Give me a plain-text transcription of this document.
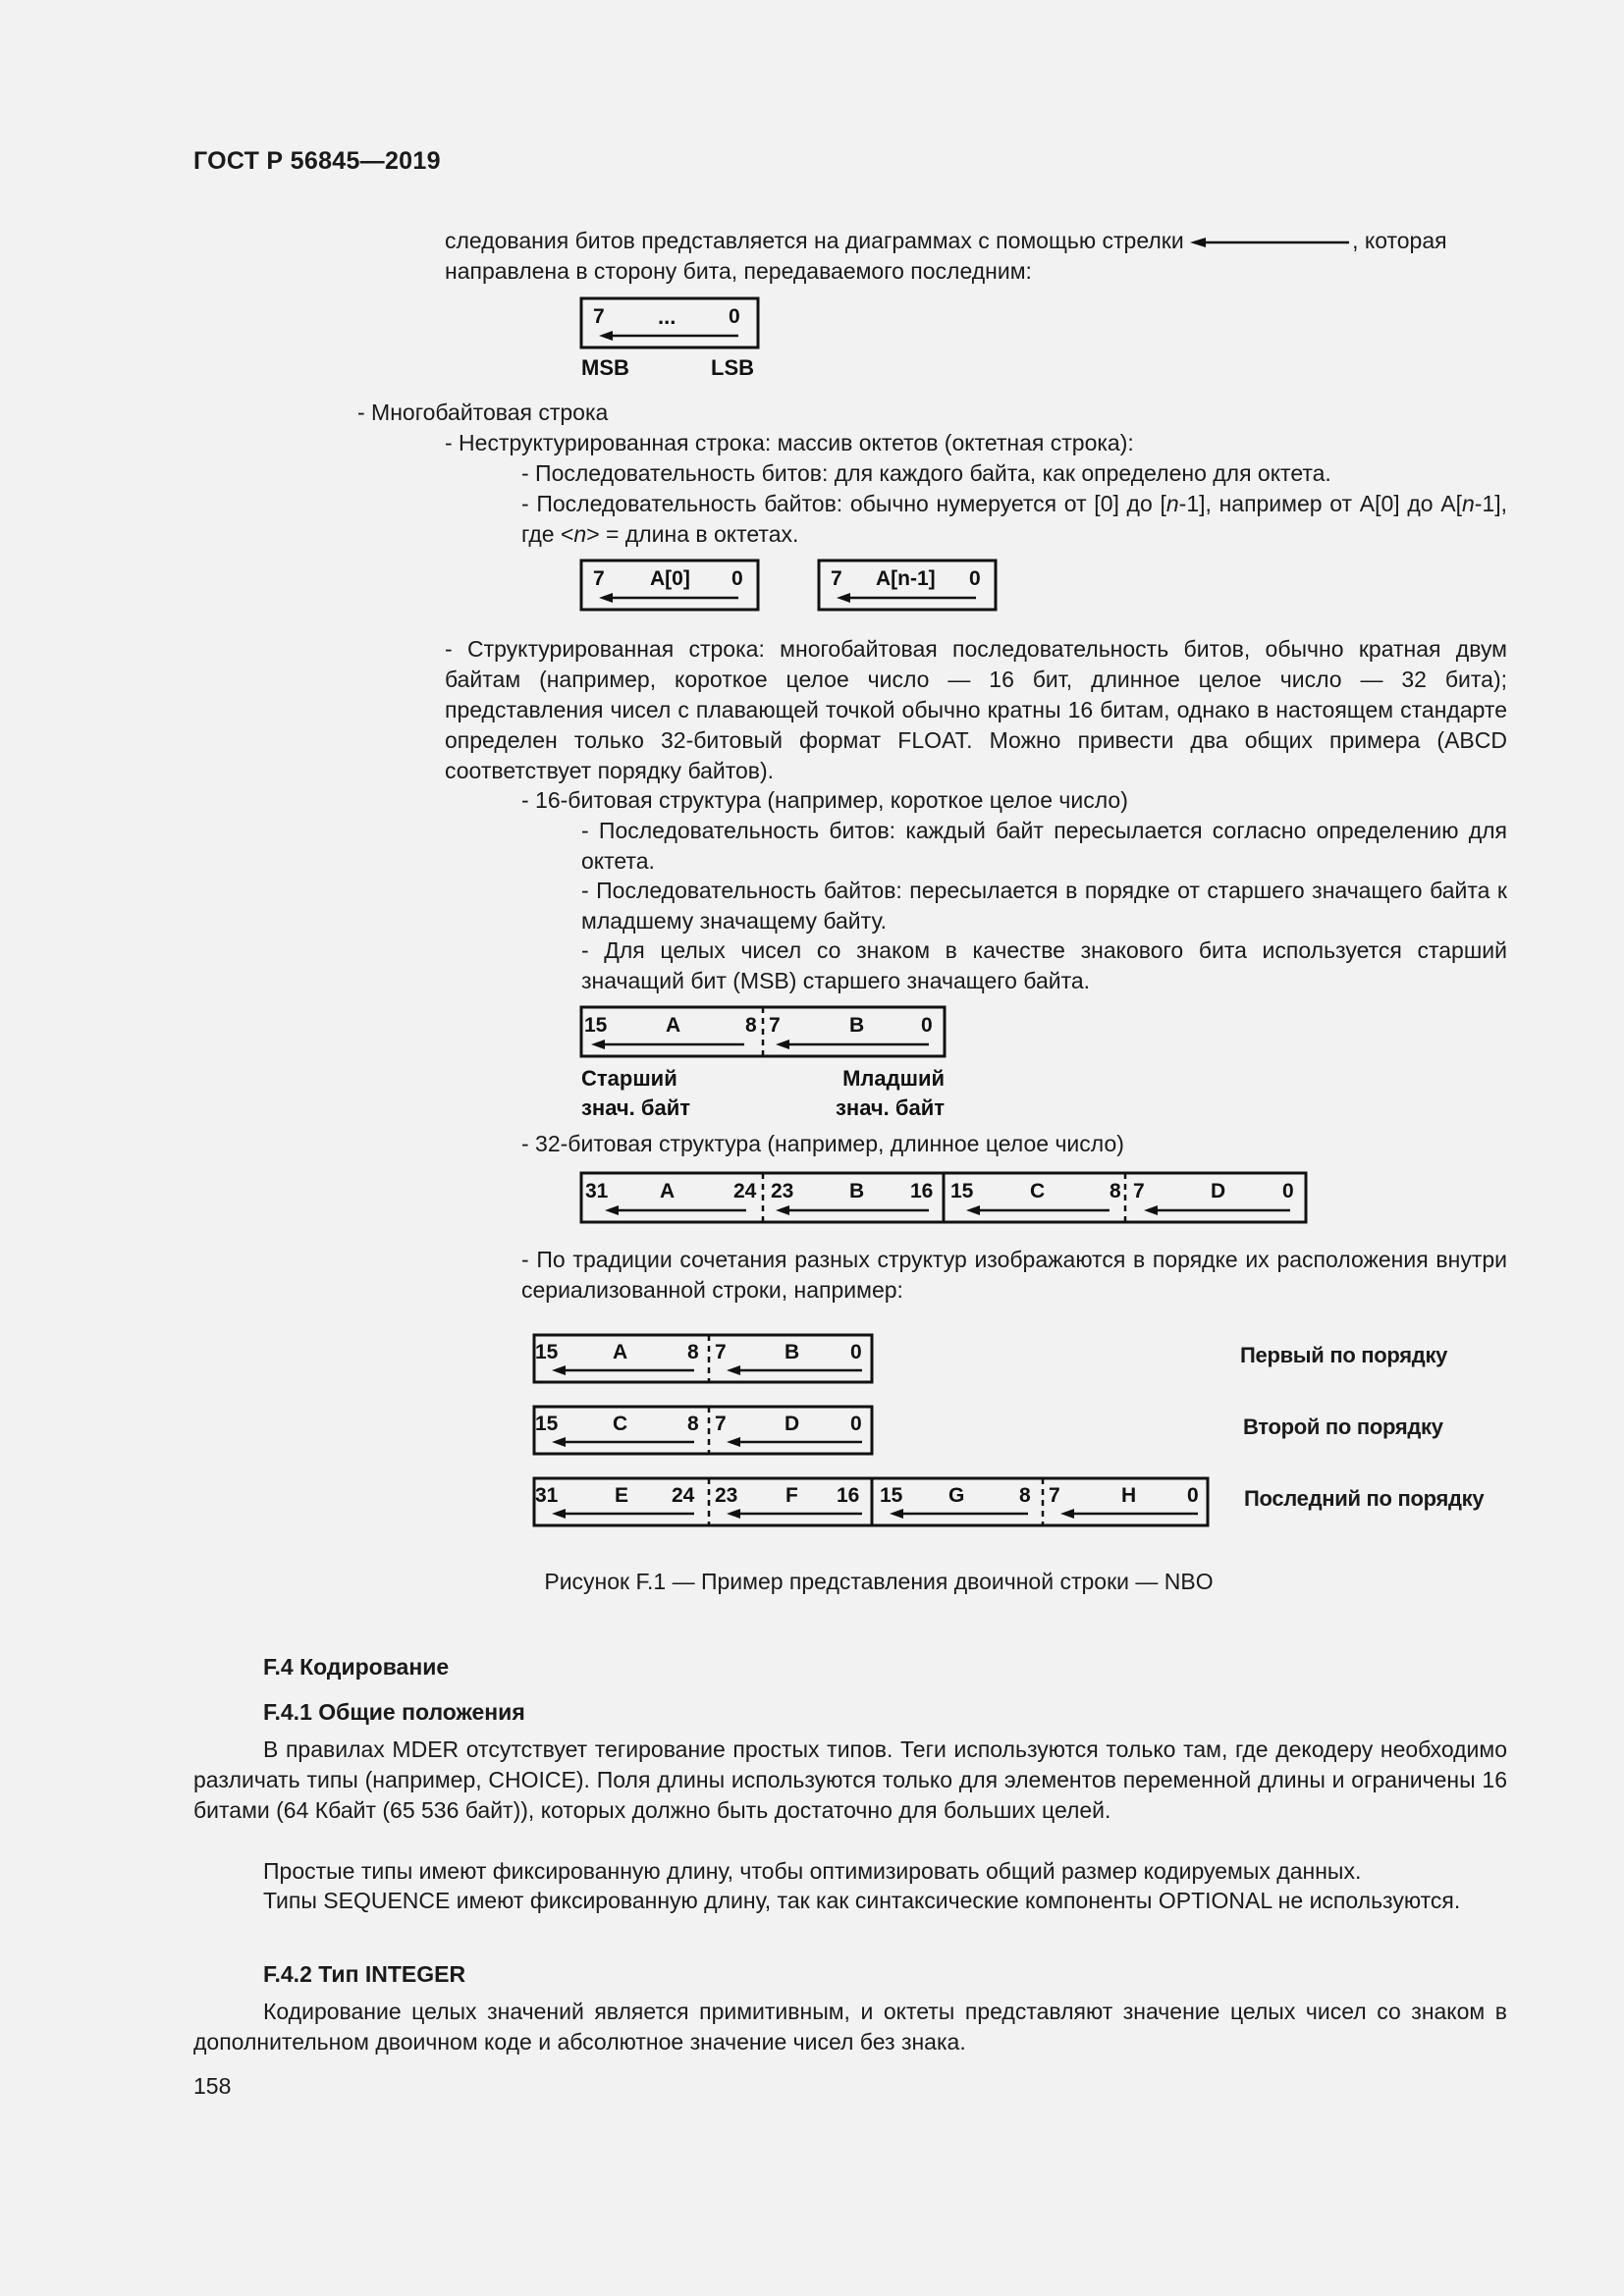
ГОСТ Р 56845—2019
следования битов представляется на диаграммах с помощью стрелки	, которая
направлена в сторону бита, передаваемого последним:
7 ...	0
MSB	LSB
- Многобайтовая строка
- Неструктурированная строка: массив октетов (октетная строка):
- Последовательность битов: для каждого байта, как определено для октета.
- Последовательность байтов: обычно нумеруется от [0] до [n-1], например от A[0] до A[n-1], где <n> = длина в октетах.
7 A[0] 0	7 A[n-1] 0
- Структурированная строка: многобайтовая последовательность битов, обычно кратная двум байтам (например, короткое целое число — 16 бит, длинное целое число — 32 бита); представления чисел с плавающей точкой обычно кратны 16 битам, однако в настоящем стандарте определен только 32-битовый формат FLOAT. Можно привести два общих примера (ABCD соответствует порядку байтов).
- 16-битовая структура (например, короткое целое число)
- Последовательность битов: каждый байт пересылается согласно определению для октета.
- Последовательность байтов: пересылается в порядке от старшего значащего байта к младшему значащему байту.
- Для целых чисел со знаком в качестве знакового бита используется старший значащий бит (MSB) старшего значащего байта.
15	A	8 7	B	0
Старший
знач. байт
Младший
знач. байт
- 32-битовая структура (например, длинное целое число)
31	A	24 23	B 16 15	C	8 7	D	0
- По традиции сочетания разных структур изображаются в порядке их расположения внутри сериализованной строки, например:
15	A	8 7	B 0	Первый по порядку
15	C	8 7	D 0	Второй по порядку
31	E 24 23 F 16 15 G	8 7	H 0 Последний по порядку
Рисунок F.1 — Пример представления двоичной строки — NBO
F.4 Кодирование
F.4.1 Общие положения
В правилах MDER отсутствует тегирование простых типов. Теги используются только там, где декодеру необходимо различать типы (например, CHOICE). Поля длины используются только для элементов переменной длины и ограничены 16 битами (64 Кбайт (65 536 байт)), которых должно быть достаточно для больших целей.
Простые типы имеют фиксированную длину, чтобы оптимизировать общий размер кодируемых данных.
Типы SEQUENCE имеют фиксированную длину, так как синтаксические компоненты OPTIONAL не используются.
F.4.2 Тип INTEGER
Кодирование целых значений является примитивным, и октеты представляют значение целых чисел со знаком в дополнительном двоичном коде и абсолютное значение чисел без знака.
158
